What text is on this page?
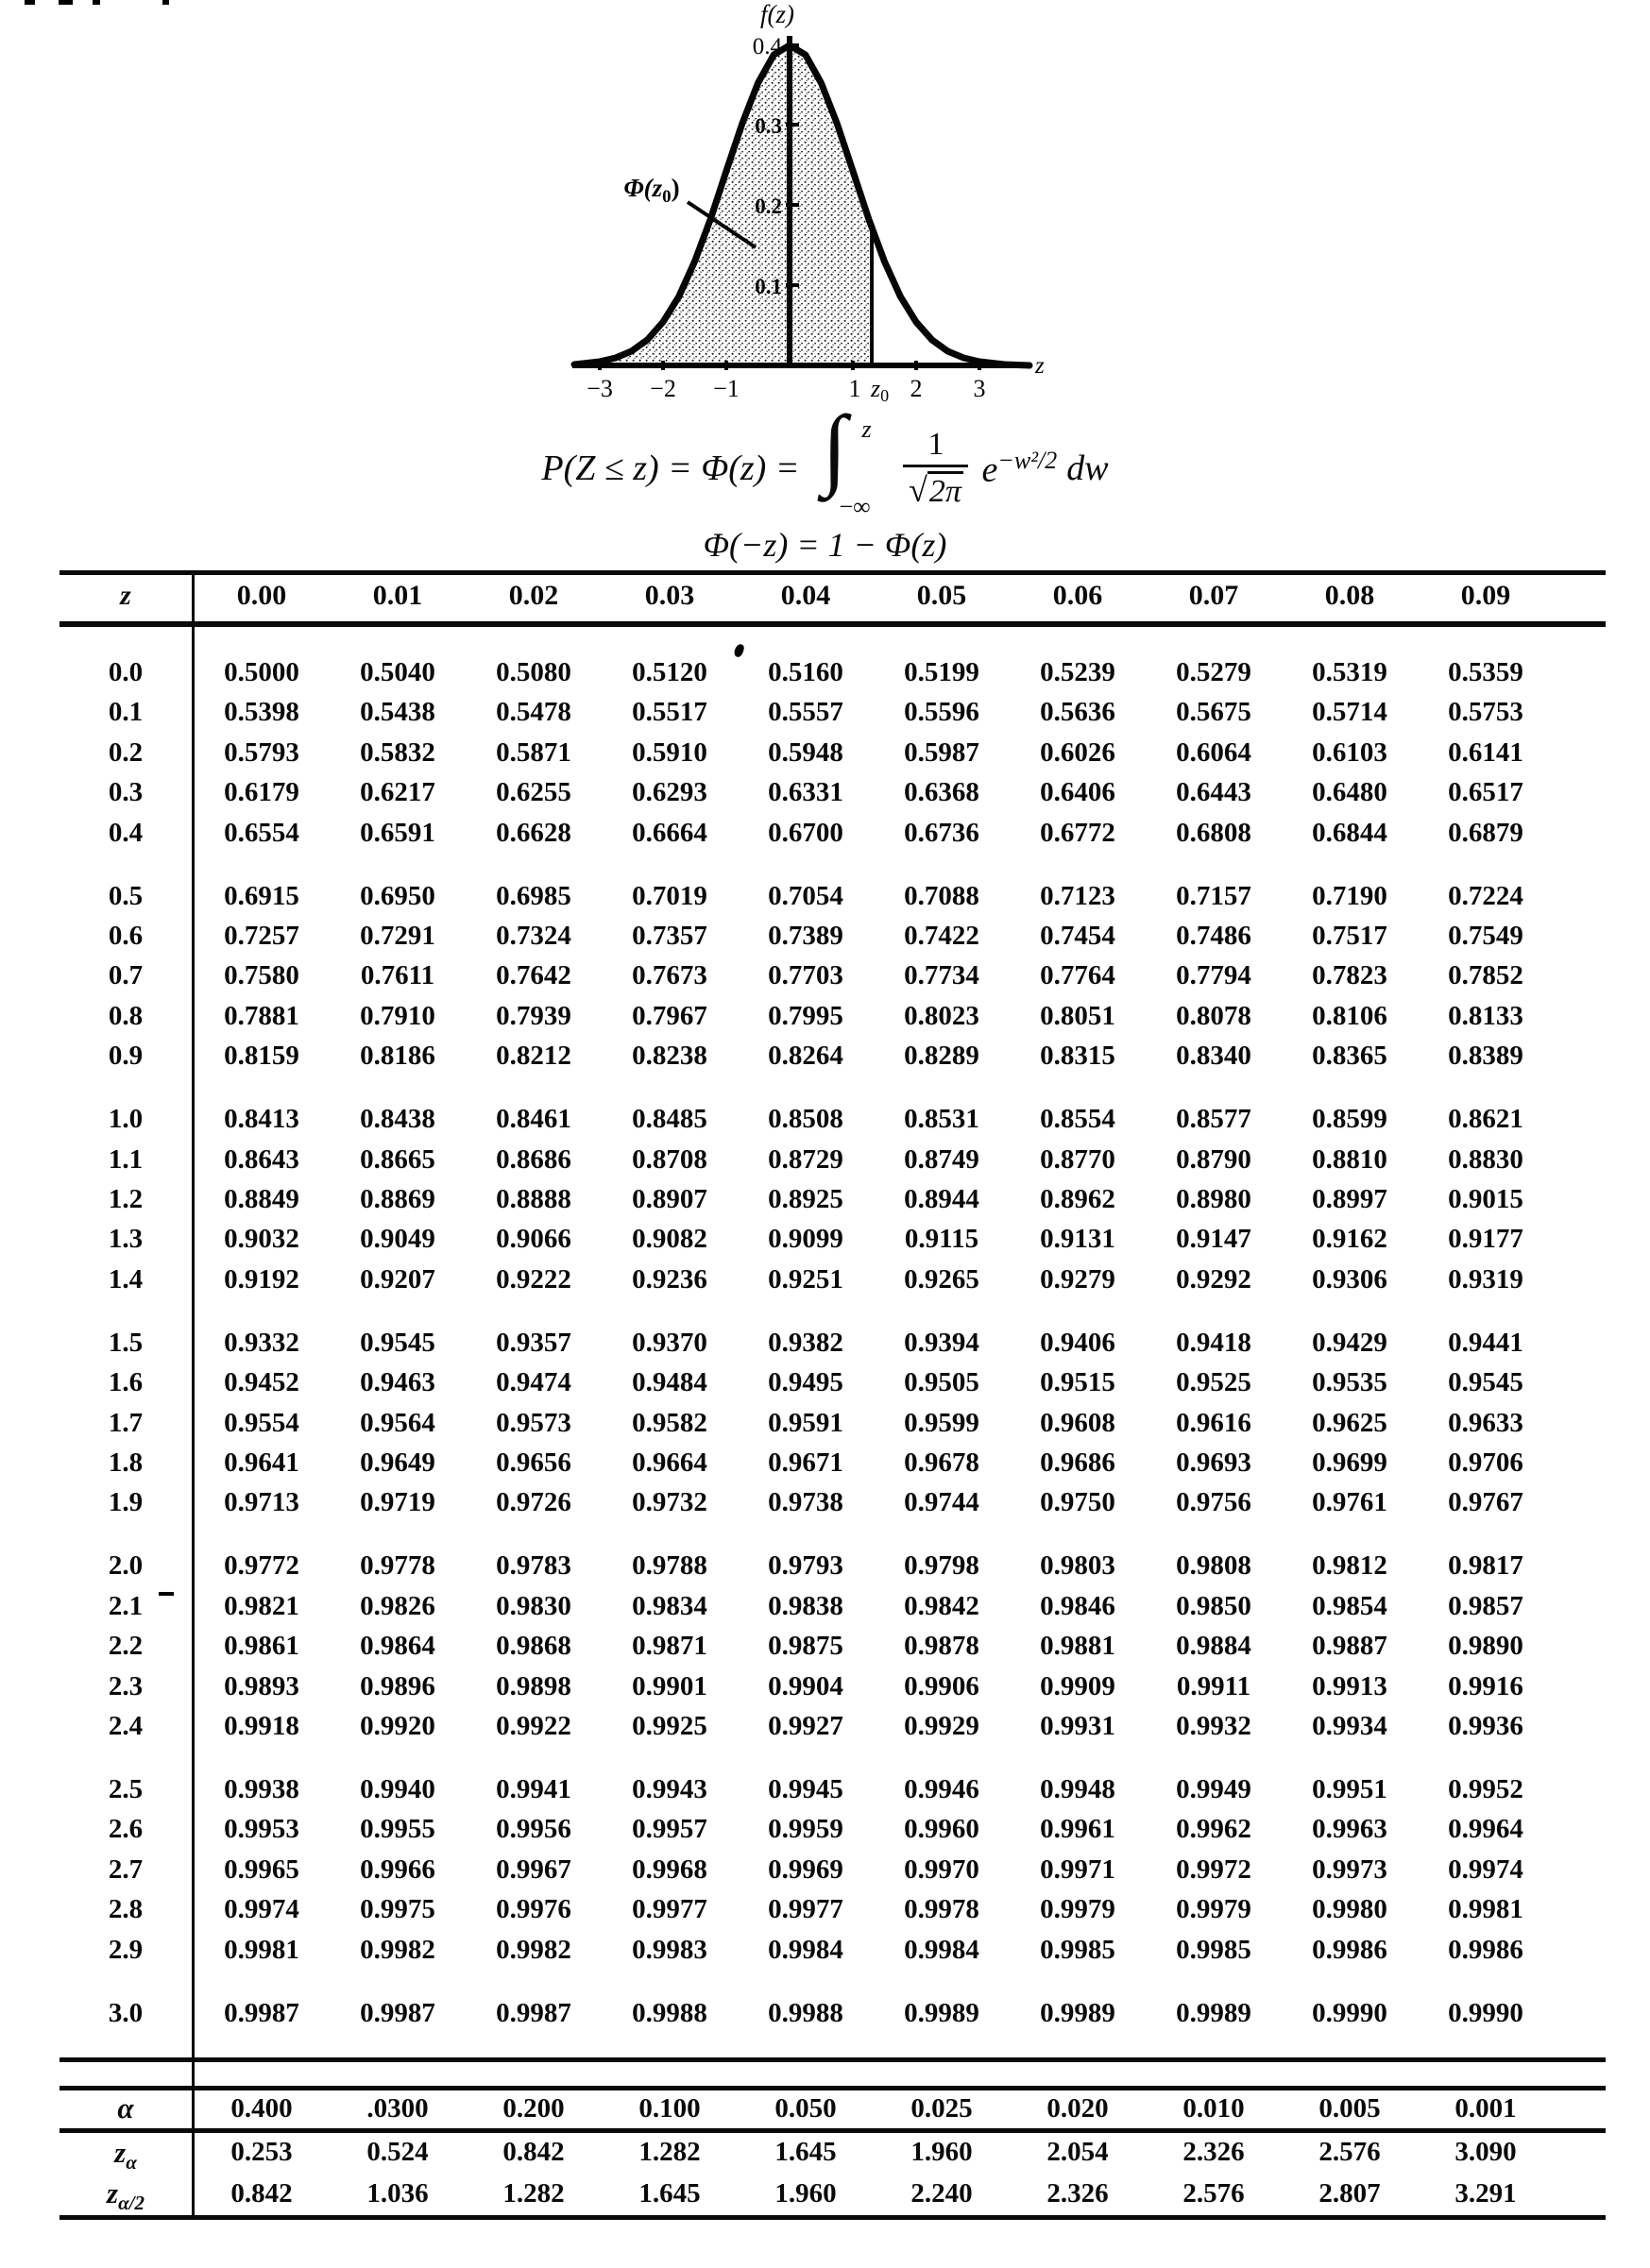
f(z)
0.4
0.3
0.2
0.1
$\Phi(z_0)$
−3 −2 −1	1 z0 2 3
z
P(Z ≤ z) = Φ(z) = ∫ z
−∞ $\frac{1}{√2\pi} e^{-w^2/2}$ dw
Φ(−z) = 1 − Φ(z)
z	0.00	0.01	0.02	0.03	0.04	0.05	0.06	0.07	0.08	0.09
0.0	0.5000	0.5040	0.5080	0.5120	0.5160	0.5199	0.5239	0.5279	0.5319	0.5359
0.1	0.5398	0.5438	0.5478	0.5517	0.5557	0.5596	0.5636	0.5675	0.5714	0.5753
0.2	0.5793	0.5832	0.5871	0.5910	0.5948	0.5987	0.6026	0.6064	0.6103	0.6141
0.3	0.6179	0.6217	0.6255	0.6293	0.6331	0.6368	0.6406	0.6443	0.6480	0.6517
0.4	0.6554	0.6591	0.6628	0.6664	0.6700	0.6736	0.6772	0.6808	0.6844	0.6879
0.5	0.6915	0.6950	0.6985	0.7019	0.7054	0.7088	0.7123	0.7157	0.7190	0.7224
0.6	0.7257	0.7291	0.7324	0.7357	0.7389	0.7422	0.7454	0.7486	0.7517	0.7549
0.7	0.7580	0.7611	0.7642	0.7673	0.7703	0.7734	0.7764	0.7794	0.7823	0.7852
0.8	0.7881	0.7910	0.7939	0.7967	0.7995	0.8023	0.8051	0.8078	0.8106	0.8133
0.9	0.8159	0.8186	0.8212	0.8238	0.8264	0.8289	0.8315	0.8340	0.8365	0.8389
1.0	0.8413	0.8438	0.8461	0.8485	0.8508	0.8531	0.8554	0.8577	0.8599	0.8621
1.1	0.8643	0.8665	0.8686	0.8708	0.8729	0.8749	0.8770	0.8790	0.8810	0.8830
1.2	0.8849	0.8869	0.8888	0.8907	0.8925	0.8944	0.8962	0.8980	0.8997	0.9015
1.3	0.9032	0.9049	0.9066	0.9082	0.9099	0.9115	0.9131	0.9147	0.9162	0.9177
1.4	0.9192	0.9207	0.9222	0.9236	0.9251	0.9265	0.9279	0.9292	0.9306	0.9319
1.5	0.9332	0.9545	0.9357	0.9370	0.9382	0.9394	0.9406	0.9418	0.9429	0.9441
1.6	0.9452	0.9463	0.9474	0.9484	0.9495	0.9505	0.9515	0.9525	0.9535	0.9545
1.7	0.9554	0.9564	0.9573	0.9582	0.9591	0.9599	0.9608	0.9616	0.9625	0.9633
1.8	0.9641	0.9649	0.9656	0.9664	0.9671	0.9678	0.9686	0.9693	0.9699	0.9706
1.9	0.9713	0.9719	0.9726	0.9732	0.9738	0.9744	0.9750	0.9756	0.9761	0.9767
2.0	0.9772	0.9778	0.9783	0.9788	0.9793	0.9798	0.9803	0.9808	0.9812	0.9817
2.1	0.9821	0.9826	0.9830	0.9834	0.9838	0.9842	0.9846	0.9850	0.9854	0.9857
2.2	0.9861	0.9864	0.9868	0.9871	0.9875	0.9878	0.9881	0.9884	0.9887	0.9890
2.3	0.9893	0.9896	0.9898	0.9901	0.9904	0.9906	0.9909	0.9911	0.9913	0.9916
2.4	0.9918	0.9920	0.9922	0.9925	0.9927	0.9929	0.9931	0.9932	0.9934	0.9936
2.5	0.9938	0.9940	0.9941	0.9943	0.9945	0.9946	0.9948	0.9949	0.9951	0.9952
2.6	0.9953	0.9955	0.9956	0.9957	0.9959	0.9960	0.9961	0.9962	0.9963	0.9964
2.7	0.9965	0.9966	0.9967	0.9968	0.9969	0.9970	0.9971	0.9972	0.9973	0.9974
2.8	0.9974	0.9975	0.9976	0.9977	0.9977	0.9978	0.9979	0.9979	0.9980	0.9981
2.9	0.9981	0.9982	0.9982	0.9983	0.9984	0.9984	0.9985	0.9985	0.9986	0.9986
3.0	0.9987	0.9987	0.9987	0.9988	0.9988	0.9989	0.9989	0.9989	0.9990	0.9990
α	0.400	.0300	0.200	0.100	0.050	0.025	0.020	0.010	0.005	0.001
$z_\alpha$	0.253	0.524	0.842	1.282	1.645	1.960	2.054	2.326	2.576	3.090
$z_{\alpha/2}$	0.842	1.036	1.282	1.645	1.960	2.240	2.326	2.576	2.807	3.291
